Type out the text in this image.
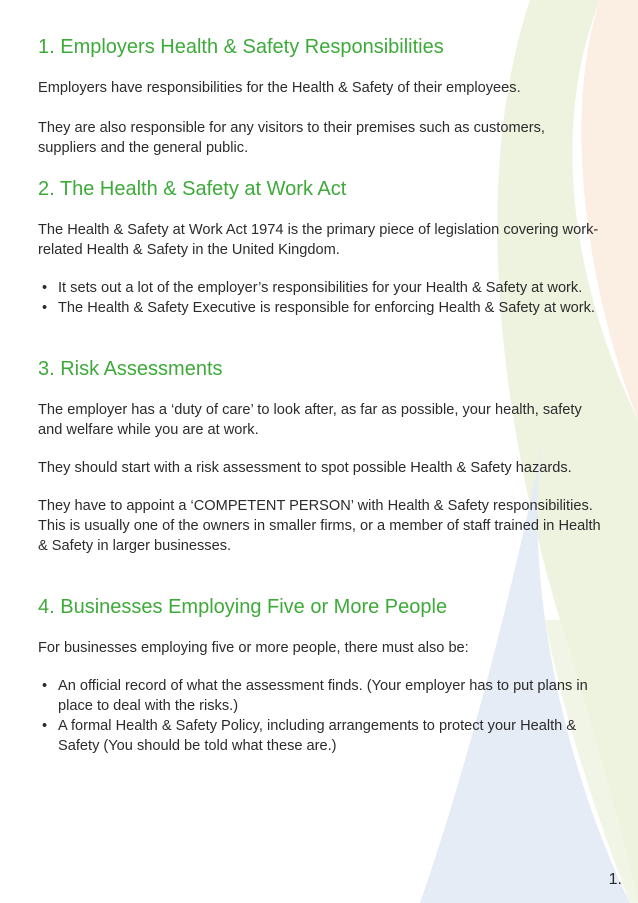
1. Employers Health & Safety Responsibilities

Employers have responsibilities for the Health & Safety of their employees.

They are also responsible for any visitors to their premises such as customers, suppliers and the general public.

2. The Health & Safety at Work Act

The Health & Safety at Work Act 1974 is the primary piece of legislation covering work-related Health & Safety in the United Kingdom.

• It sets out a lot of the employer’s responsibilities for your Health & Safety at work.
• The Health & Safety Executive is responsible for enforcing Health & Safety at work.
3. Risk Assessments

The employer has a ‘duty of care’ to look after, as far as possible, your health, safety and welfare while you are at work.

They should start with a risk assessment to spot possible Health & Safety hazards.

They have to appoint a ‘COMPETENT PERSON’ with Health & Safety responsibilities. This is usually one of the owners in smaller firms, or a member of staff trained in Health & Safety in larger businesses.

4. Businesses Employing Five or More People

For businesses employing five or more people, there must also be:

• An official record of what the assessment finds. (Your employer has to put plans in place to deal with the risks.)
• A formal Health & Safety Policy, including arrangements to protect your Health & Safety (You should be told what these are.)
1.
